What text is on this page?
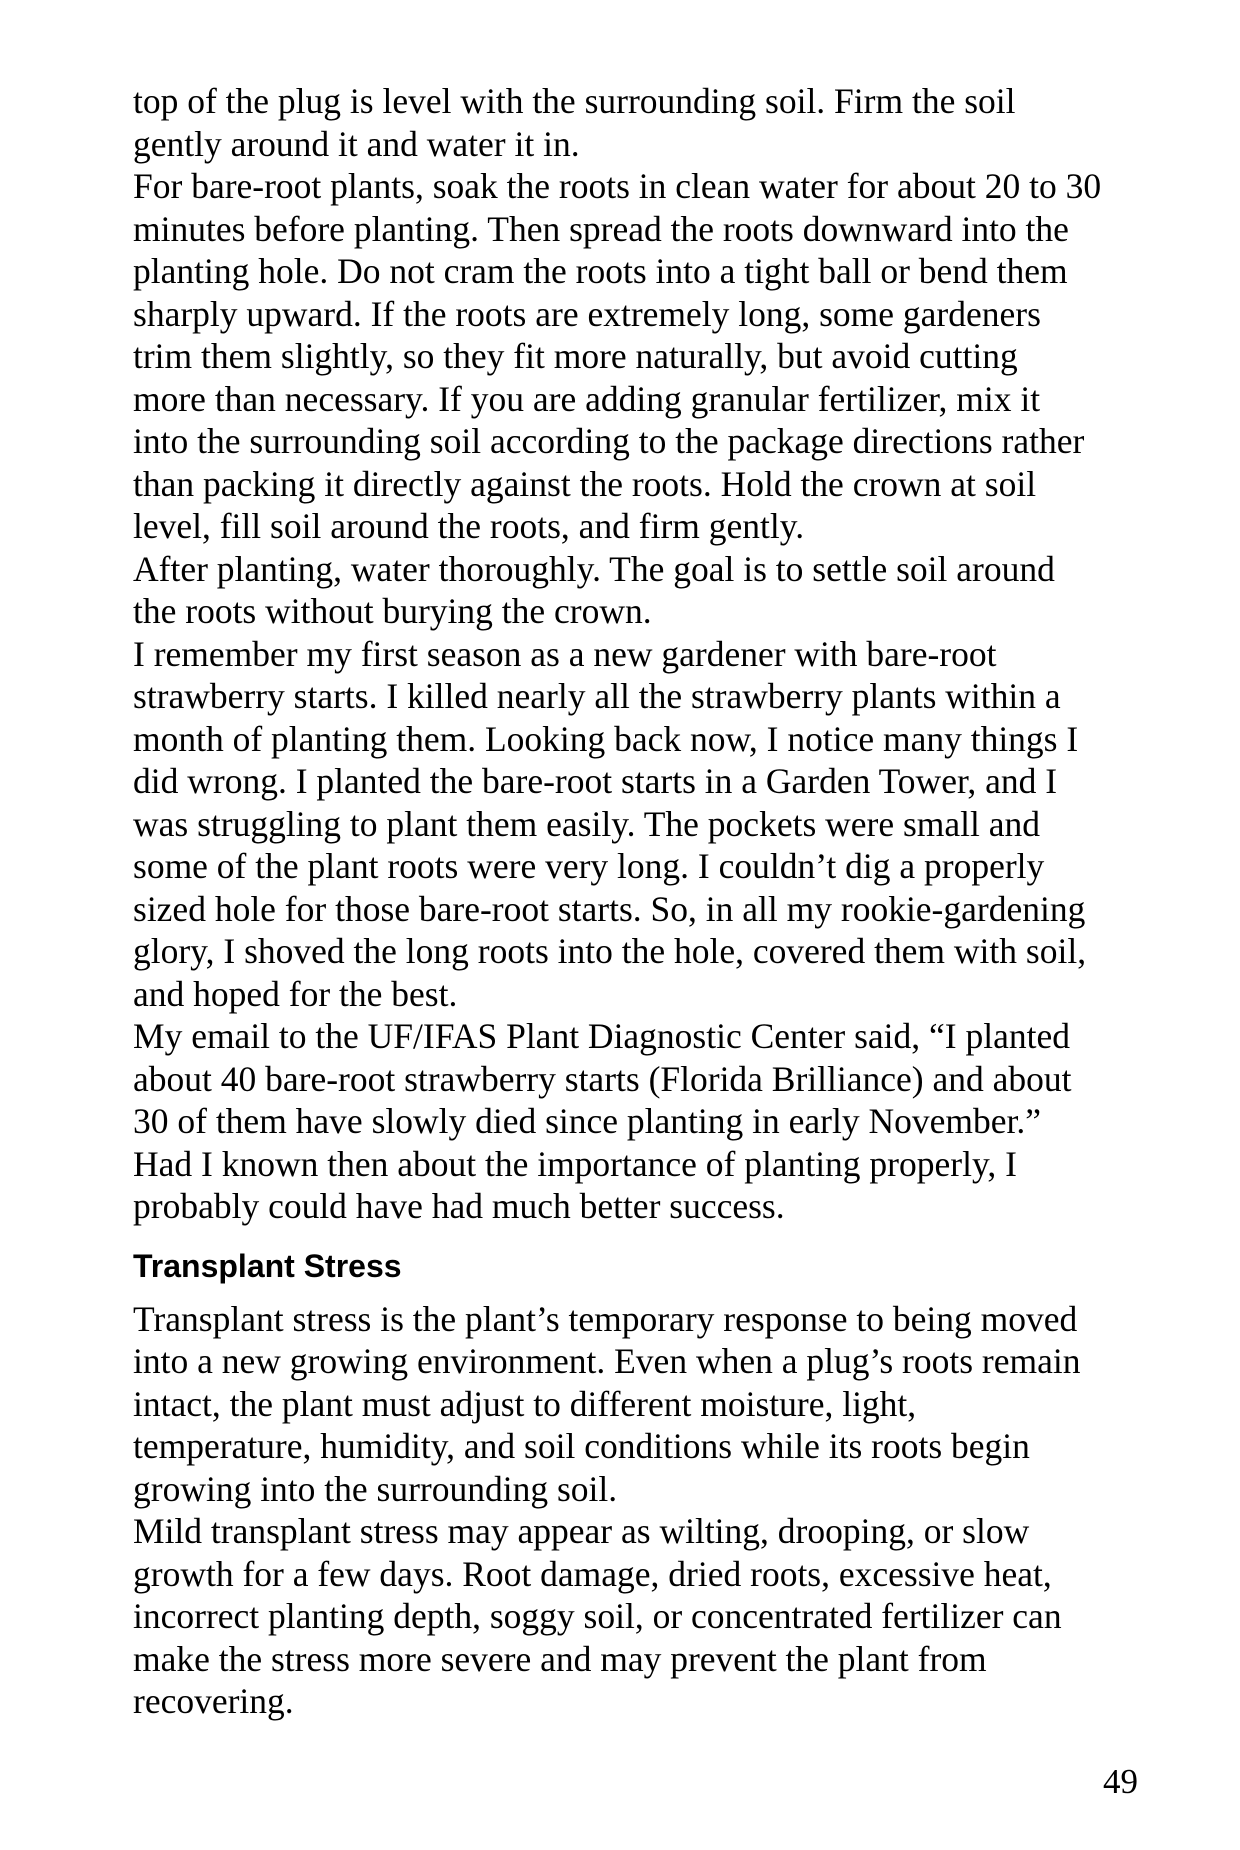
top of the plug is level with the surrounding soil. Firm the soil
gently around it and water it in.
For bare-root plants, soak the roots in clean water for about 20 to 30
minutes before planting. Then spread the roots downward into the
planting hole. Do not cram the roots into a tight ball or bend them
sharply upward. If the roots are extremely long, some gardeners
trim them slightly, so they fit more naturally, but avoid cutting
more than necessary. If you are adding granular fertilizer, mix it
into the surrounding soil according to the package directions rather
than packing it directly against the roots. Hold the crown at soil
level, fill soil around the roots, and firm gently.
After planting, water thoroughly. The goal is to settle soil around
the roots without burying the crown.
I remember my first season as a new gardener with bare-root
strawberry starts. I killed nearly all the strawberry plants within a
month of planting them. Looking back now, I notice many things I
did wrong. I planted the bare-root starts in a Garden Tower, and I
was struggling to plant them easily. The pockets were small and
some of the plant roots were very long. I couldn’t dig a properly
sized hole for those bare-root starts. So, in all my rookie-gardening
glory, I shoved the long roots into the hole, covered them with soil,
and hoped for the best.
My email to the UF/IFAS Plant Diagnostic Center said, “I planted
about 40 bare-root strawberry starts (Florida Brilliance) and about
30 of them have slowly died since planting in early November.”
Had I known then about the importance of planting properly, I
probably could have had much better success.
Transplant Stress
Transplant stress is the plant’s temporary response to being moved
into a new growing environment. Even when a plug’s roots remain
intact, the plant must adjust to different moisture, light,
temperature, humidity, and soil conditions while its roots begin
growing into the surrounding soil.
Mild transplant stress may appear as wilting, drooping, or slow
growth for a few days. Root damage, dried roots, excessive heat,
incorrect planting depth, soggy soil, or concentrated fertilizer can
make the stress more severe and may prevent the plant from
recovering.
49
